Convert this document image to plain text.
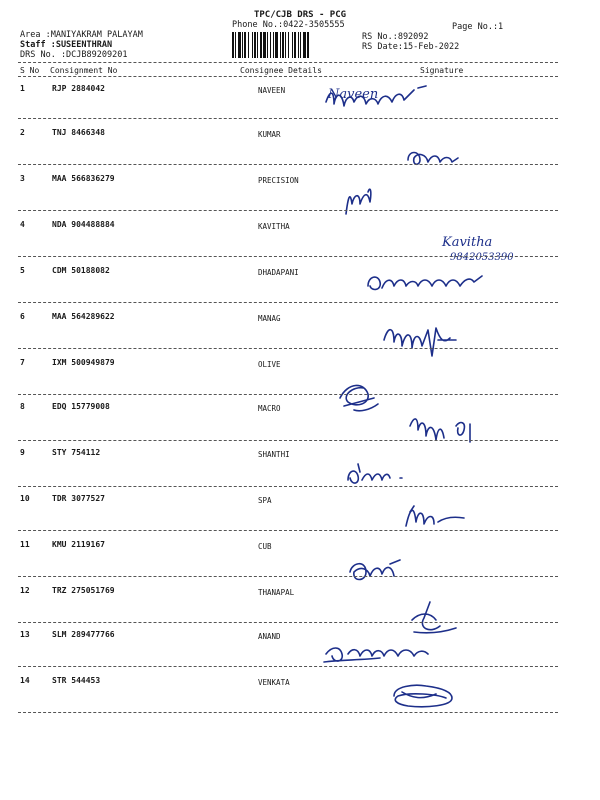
TPC/CJB DRS - PCG
Phone No.:0422-3505555	Page No.:1
Area :MANIYAKRAM PALAYAM
Staff :SUSEENTHRAN
DRS No. :DCJB89209201
RS No.:892092
RS Date:15-Feb-2022
S No Consignment No	Consignee Details	Signature
1	RJP 2884042	NAVEEN	Naveen
2	TNJ 8466348	KUMAR
3	MAA 566836279	PRECISION
4	NDA 904488884	KAVITHA
Kavitha
9842053390
5	CDM 50188082	DHADAPANI
6	MAA 564289622	MANAG
7	IXM 500949879	OLIVE
8	EDQ 15779008	MACRO
9	STY 754112	SHANTHI
10	TDR 3077527	SPA
11	KMU 2119167	CUB
12	TRZ 275051769	THANAPAL
13	SLM 289477766	ANAND
14	STR 544453	VENKATA
